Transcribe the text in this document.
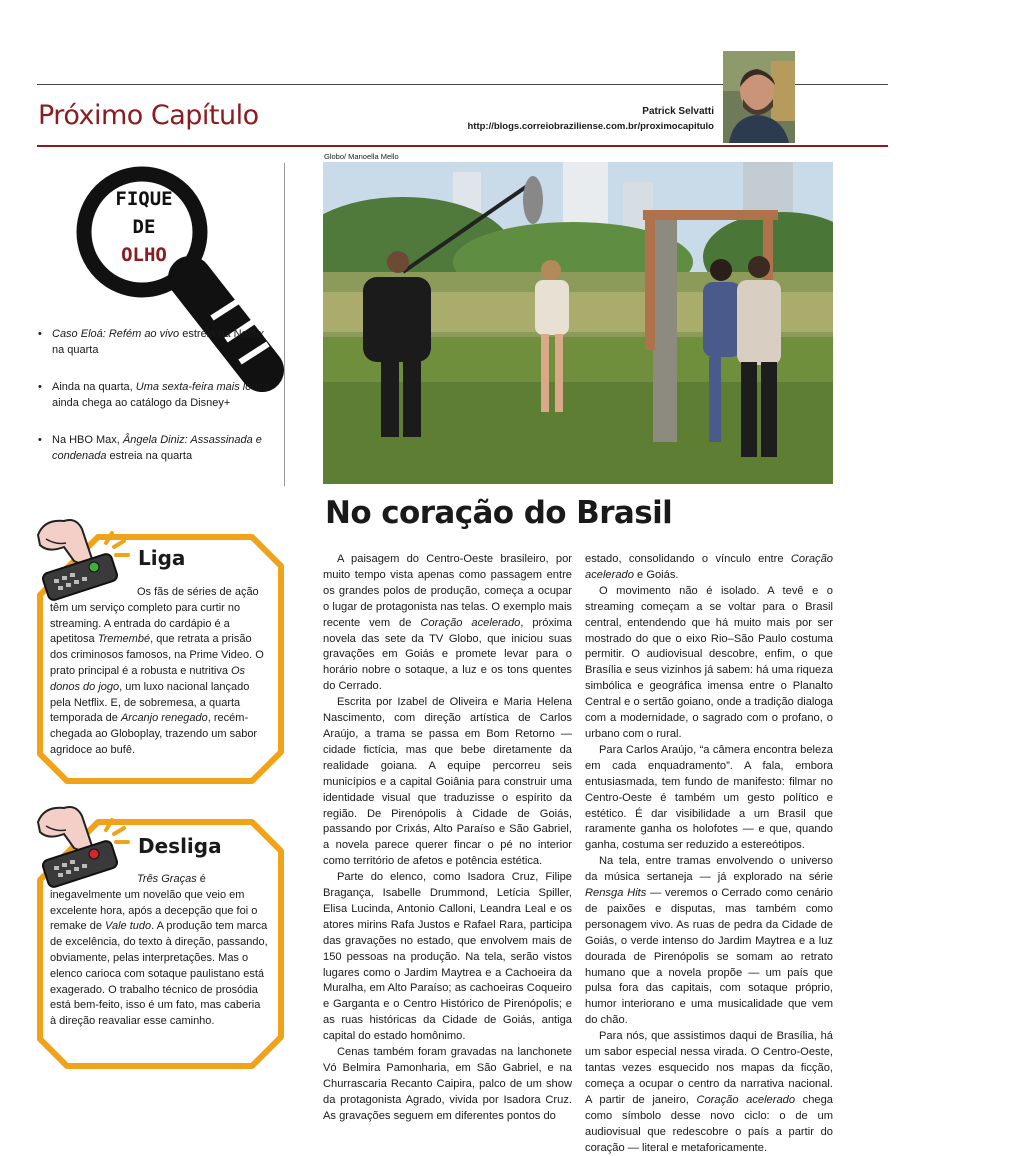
Próximo Capítulo	Patrick Selvatti
http://blogs.correiobraziliense.com.br/proximocapitulo
FIQUE
DE
OLHO
• Caso Eloá: Refém ao vivo estreia na Netflix na quarta
• Ainda na quarta, Uma sexta-feira mais louca ainda chega ao catálogo da Disney+
• Na HBO Max, Ângela Diniz: Assassinada e condenada estreia na quarta
Globo/ Manoella Mello
No coração do Brasil

A paisagem do Centro-Oeste brasileiro, por muito tempo vista apenas como passagem entre os grandes polos de produção, começa a ocupar o lugar de protagonista nas telas. O exemplo mais recente vem de Coração acelerado, próxima novela das sete da TV Globo, que iniciou suas gravações em Goiás e promete levar para o horário nobre o sotaque, a luz e os tons quentes do Cerrado.

Escrita por Izabel de Oliveira e Maria Helena Nascimento, com direção artística de Carlos Araújo, a trama se passa em Bom Retorno — cidade fictícia, mas que bebe diretamente da realidade goiana. A equipe percorreu seis municípios e a capital Goiânia para construir uma identidade visual que traduzisse o espírito da região. De Pirenópolis à Cidade de Goiás, passando por Crixás, Alto Paraíso e São Gabriel, a novela parece querer fincar o pé no interior como território de afetos e potência estética.

Parte do elenco, como Isadora Cruz, Filipe Bragança, Isabelle Drummond, Letícia Spiller, Elisa Lucinda, Antonio Calloni, Leandra Leal e os atores mirins Rafa Justos e Rafael Rara, participa das gravações no estado, que envolvem mais de 150 pessoas na produção. Na tela, serão vistos lugares como o Jardim Maytrea e a Cachoeira da Muralha, em Alto Paraíso; as cachoeiras Coqueiro e Garganta e o Centro Histórico de Pirenópolis; e as ruas históricas da Cidade de Goiás, antiga capital do estado homônimo.

Cenas também foram gravadas na lanchonete Vó Belmira Pamonharia, em São Gabriel, e na Churrascaria Recanto Caipira, palco de um show da protagonista Agrado, vivida por Isadora Cruz. As gravações seguem em diferentes pontos do

estado, consolidando o vínculo entre Coração acelerado e Goiás.

O movimento não é isolado. A tevê e o streaming começam a se voltar para o Brasil central, entendendo que há muito mais por ser mostrado do que o eixo Rio–São Paulo costuma permitir. O audiovisual descobre, enfim, o que Brasília e seus vizinhos já sabem: há uma riqueza simbólica e geográfica imensa entre o Planalto Central e o sertão goiano, onde a tradição dialoga com a modernidade, o sagrado com o profano, o urbano com o rural.

Para Carlos Araújo, “a câmera encontra beleza em cada enquadramento”. A fala, embora entusiasmada, tem fundo de manifesto: filmar no Centro-Oeste é também um gesto político e estético. É dar visibilidade a um Brasil que raramente ganha os holofotes — e que, quando ganha, costuma ser reduzido a estereótipos.

Na tela, entre tramas envolvendo o universo da música sertaneja — já explorado na série Rensga Hits — veremos o Cerrado como cenário de paixões e disputas, mas também como personagem vivo. As ruas de pedra da Cidade de Goiás, o verde intenso do Jardim Maytrea e a luz dourada de Pirenópolis se somam ao retrato humano que a novela propõe — um país que pulsa fora das capitais, com sotaque próprio, humor interiorano e uma musicalidade que vem do chão.

Para nós, que assistimos daqui de Brasília, há um sabor especial nessa virada. O Centro-Oeste, tantas vezes esquecido nos mapas da ficção, começa a ocupar o centro da narrativa nacional. A partir de janeiro, Coração acelerado chega como símbolo desse novo ciclo: o de um audiovisual que redescobre o país a partir do coração — literal e metaforicamente.

Liga

Os fãs de séries de ação têm um serviço completo para curtir no streaming. A entrada do cardápio é a apetitosa Tremembé, que retrata a prisão dos criminosos famosos, na Prime Video. O prato principal é a robusta e nutritiva Os donos do jogo, um luxo nacional lançado pela Netflix. E, de sobremesa, a quarta temporada de Arcanjo renegado, recém-chegada ao Globoplay, trazendo um sabor agridoce ao bufê.

Desliga

Três Graças é inegavelmente um novelão que veio em excelente hora, após a decepção que foi o remake de Vale tudo. A produção tem marca de excelência, do texto à direção, passando, obviamente, pelas interpretações. Mas o elenco carioca com sotaque paulistano está exagerado. O trabalho técnico de prosódia está bem-feito, isso é um fato, mas caberia à direção reavaliar esse caminho.
